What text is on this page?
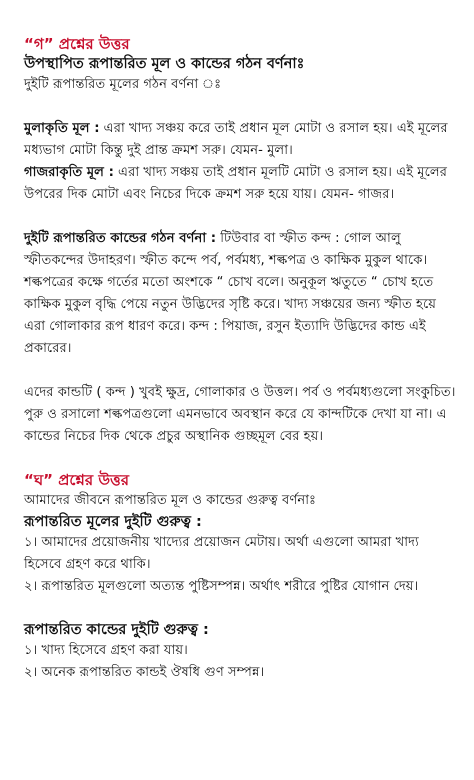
“গ” প্রশ্নের উত্তর
উপস্থাপিত রূপান্তরিত মূল ও কান্ডের গঠন বর্ণনাঃ
দুইটি রূপান্তরিত মূলের গঠন বর্ণনা ঃ

মুলাকৃতি মূল : এরা খাদ্য সঞ্চয় করে তাই প্রধান মূল মোটা ও রসাল হয়। এই মূলের মধ্যভাগ মোটা কিন্তু দুই প্রান্ত ক্রমশ সরু। যেমন- মুলা।

গাজরাকৃতি মূল : এরা খাদ্য সঞ্চয় তাই প্রধান মূলটি মোটা ও রসাল হয়। এই মূলের উপরের দিক মোটা এবং নিচের দিকে ক্রমশ সরু হয়ে যায়। যেমন- গাজর।

দুইটি রূপান্তরিত কান্ডের গঠন বর্ণনা : টিউবার বা স্ফীত কন্দ : গোল আলু স্ফীতকন্দের উদাহরণ। স্ফীত কন্দে পর্ব, পর্বমধ্য, শল্কপত্র ও কাক্ষিক মুকুল থাকে। শল্কপত্রের কক্ষে গর্তের মতো অংশকে “ চোখ বলে। অনুকূল ঋতুতে “ চোখ হতে কাক্ষিক মুকুল বৃদ্ধি পেয়ে নতুন উদ্ভিদের সৃষ্টি করে। খাদ্য সঞ্চয়ের জন্য স্ফীত হয়ে এরা গোলাকার রূপ ধারণ করে। কন্দ : পিয়াজ, রসুন ইত্যাদি উদ্ভিদের কান্ড এই প্রকারের।

এদের কান্ডটি ( কন্দ ) খুবই ক্ষুদ্র, গোলাকার ও উত্তল। পর্ব ও পর্বমধ্যগুলো সংকুচিত। পুরু ও রসালো শল্কপত্রগুলো এমনভাবে অবস্থান করে যে কান্দটিকে দেখা যা না। এ কান্ডের নিচের দিক থেকে প্রচুর অস্থানিক গুচ্ছমূল বের হয়।

“ঘ” প্রশ্নের উত্তর
আমাদের জীবনে রূপান্তরিত মূল ও কান্ডের গুরুত্ব বর্ণনাঃ
রূপান্তরিত মূলের দুইটি গুরুত্ব :

১। আমাদের প্রয়োজনীয় খাদ্যের প্রয়োজন মেটায়। অর্থা এগুলো আমরা খাদ্য হিসেবে গ্রহণ করে থাকি।

২। রূপান্তরিত মূলগুলো অত্যন্ত পুষ্টিসম্পন্ন। অর্থাৎ শরীরে পুষ্টির যোগান দেয়।

রূপান্তরিত কান্ডের দুইটি গুরুত্ব :

১। খাদ্য হিসেবে গ্রহণ করা যায়।

২। অনেক রূপান্তরিত কান্ডই ঔষধি গুণ সম্পন্ন।
